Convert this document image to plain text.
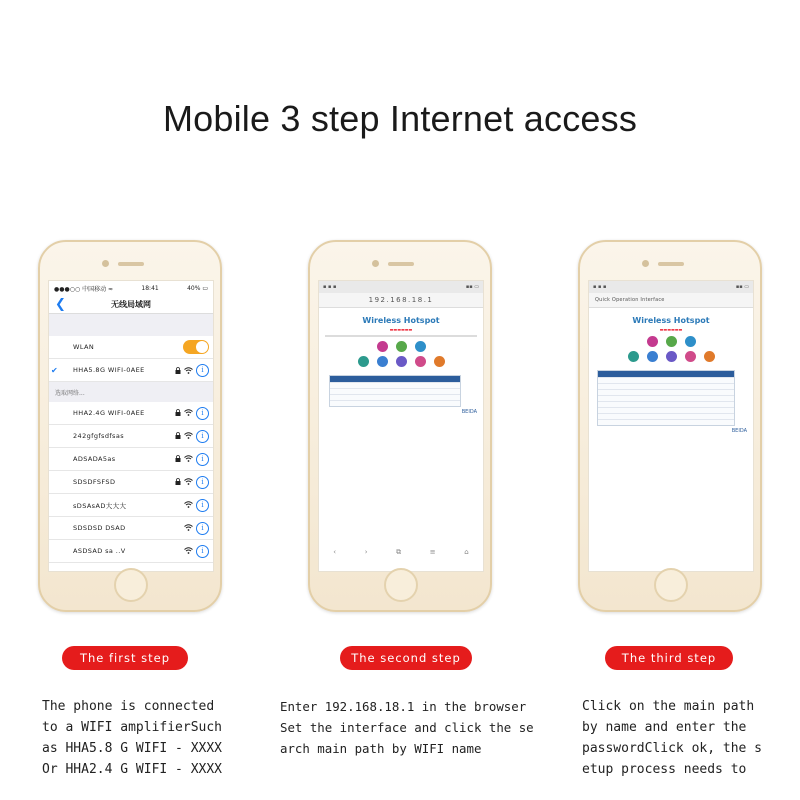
Mobile 3 step Internet access
●●●○○ 中国移动 ≈	18:41	40% ▭
❮	无线局域网
WLAN
✔	HHA5.8G WIFI-0AEE	i
选取网络...
HHA2.4G WIFI-0AEE	i
242gfgfsdfsas	i
ADSADA5as	i
SDSDFSFSD	i
sDSAsAD大大大	i
SDSDSD DSAD	i
ASDSAD sa ..V	i
▪ ▪ ▪	▪▪ ▭
192.168.18.1
Wireless Hotspot
▬▬▬▬▬▬
BEIDA
‹	›	⧉	≡	⌂
▪ ▪ ▪	▪▪ ▭
Quick Operation Interface
Wireless Hotspot
▬▬▬▬▬▬
BEIDA
The first step	The second step	The third step
The phone is connected
to a WIFI amplifierSuch
as HHA5.8 G WIFI - XXXX
Or HHA2.4 G WIFI - XXXX
Enter 192.168.18.1 in the browser
Set the interface and click the se
arch main path by WIFI name
Click on the main path
by name and enter the
passwordClick ok, the s
etup process needs to
